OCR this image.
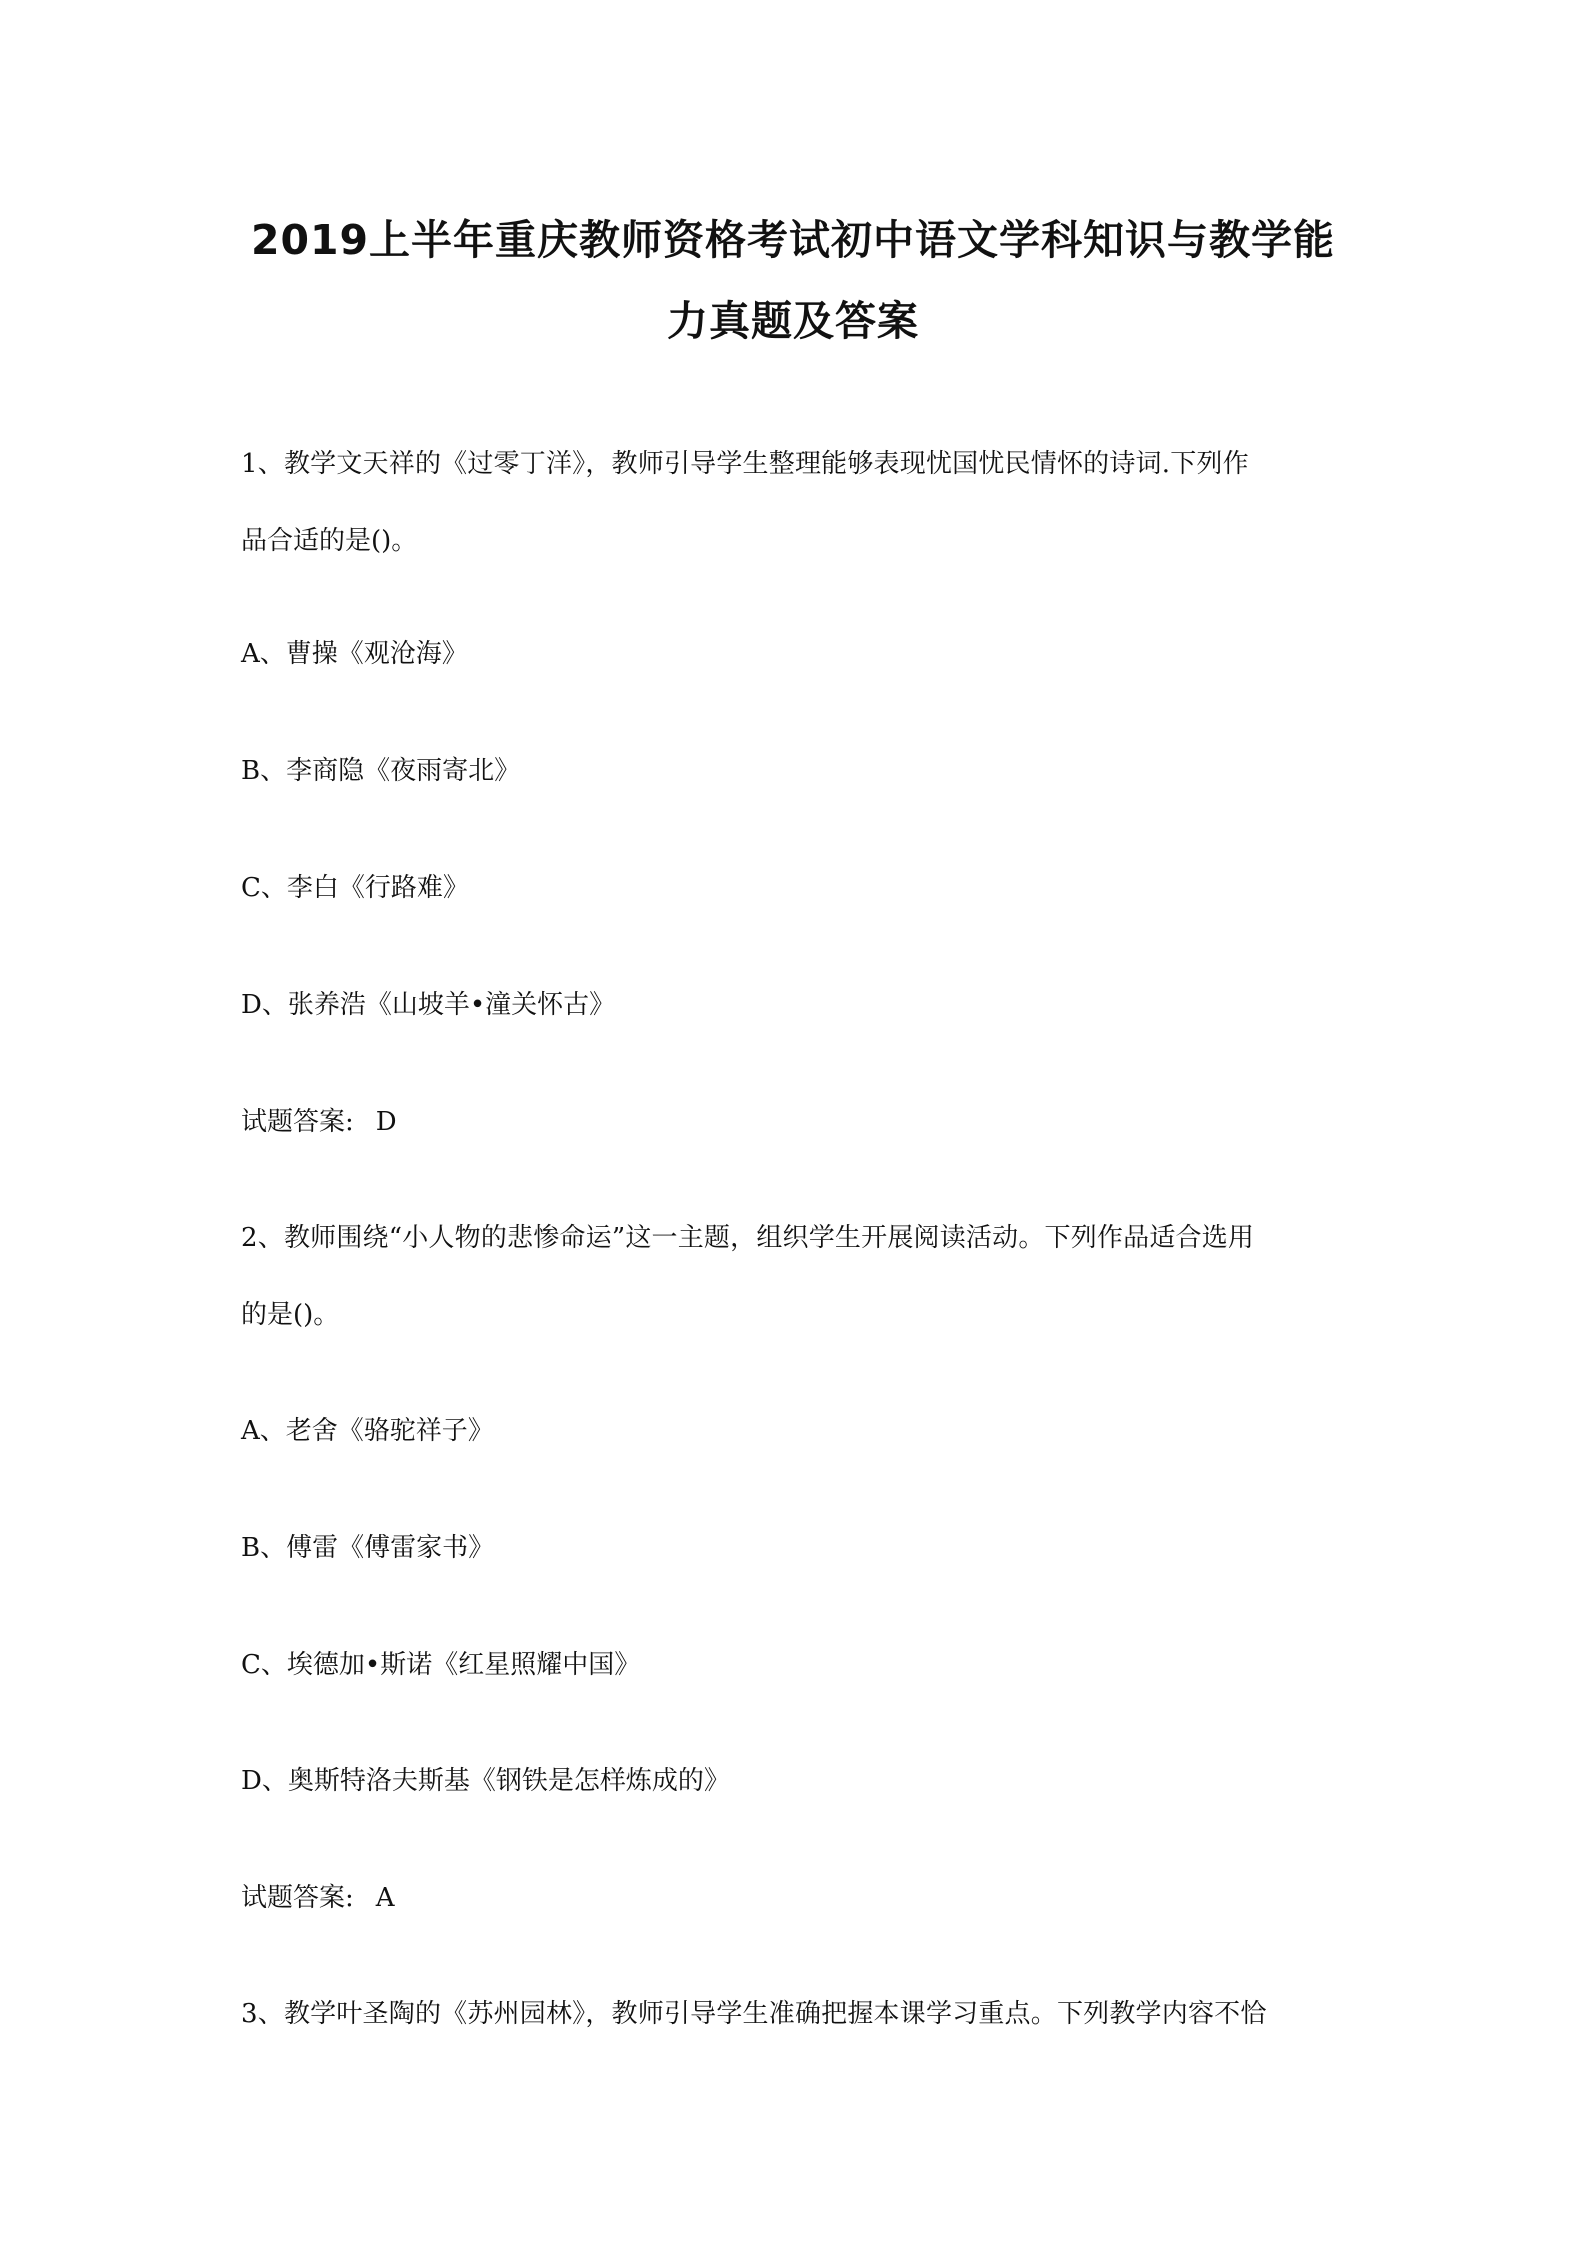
2019上半年重庆教师资格考试初中语文学科知识与教学能
力真题及答案

1、教学文天祥的《过零丁洋》，教师引导学生整理能够表现忧国忧民情怀的诗词.下列作

品合适的是()。

A、曹操《观沧海》

B、李商隐《夜雨寄北》

C、李白《行路难》

D、张养浩《山坡羊•潼关怀古》

试题答案: D

2、教师围绕“小人物的悲惨命运”这一主题，组织学生开展阅读活动。下列作品适合选用

的是()。

A、老舍《骆驼祥子》

B、傅雷《傅雷家书》

C、埃德加•斯诺《红星照耀中国》

D、奥斯特洛夫斯基《钢铁是怎样炼成的》

试题答案: A

3、教学叶圣陶的《苏州园林》，教师引导学生准确把握本课学习重点。下列教学内容不恰
